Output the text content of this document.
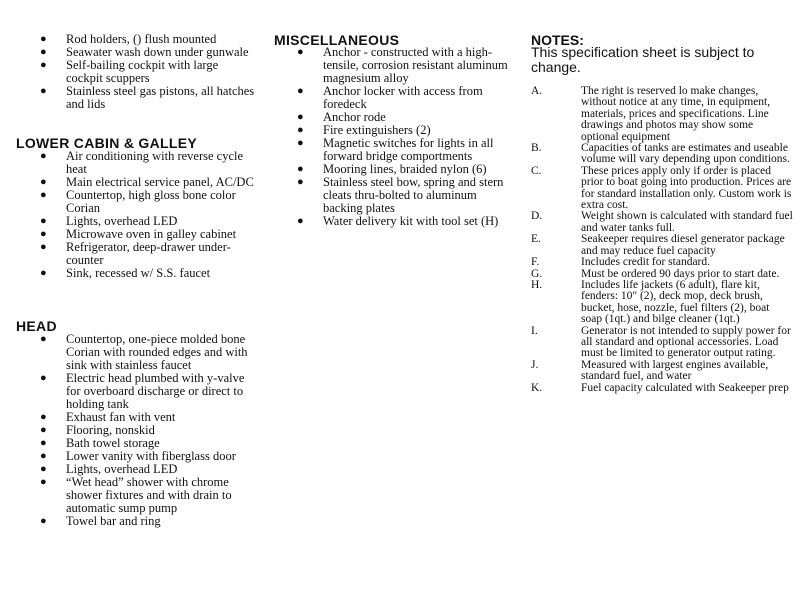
● Rod holders, () flush mounted
● Seawater wash down under gunwale
● Self-bailing cockpit with large cockpit scuppers
● Stainless steel gas pistons, all hatches and lids
LOWER CABIN & GALLEY
● Air conditioning with reverse cycle heat
● Main electrical service panel, AC/DC
● Countertop, high gloss bone color Corian
● Lights, overhead LED
● Microwave oven in galley cabinet
● Refrigerator, deep-drawer under-counter
● Sink, recessed w/ S.S. faucet
HEAD
● Countertop, one-piece molded bone Corian with rounded edges and with sink with stainless faucet
● Electric head plumbed with y-valve for overboard discharge or direct to holding tank
● Exhaust fan with vent
● Flooring, nonskid
● Bath towel storage
● Lower vanity with fiberglass door
● Lights, overhead LED
● “Wet head” shower with chrome shower fixtures and with drain to automatic sump pump
● Towel bar and ring
MISCELLANEOUS
● Anchor - constructed with a high-tensile, corrosion resistant aluminum magnesium alloy
● Anchor locker with access from foredeck
● Anchor rode
● Fire extinguishers (2)
● Magnetic switches for lights in all forward bridge comportments
● Mooring lines, braided nylon (6)
● Stainless steel bow, spring and stern cleats thru-bolted to aluminum backing plates
● Water delivery kit with tool set (H)
NOTES:
This specification sheet is subject to change.
A.	The right is reserved lo make changes, without notice at any time, in equipment, materials, prices and specifications. Line drawings and photos may show some optional equipment
B.	Capacities of tanks are estimates and useable volume will vary depending upon conditions.
C.	These prices apply only if order is placed prior to boat going into production. Prices are for standard installation only. Custom work is extra cost.
D.	Weight shown is calculated with standard fuel and water tanks full.
E.	Seakeeper requires diesel generator package and may reduce fuel capacity
F.	Includes credit for standard.
G.	Must be ordered 90 days prior to start date.
H.	Includes life jackets (6 adult), flare kit, fenders: 10" (2), deck mop, deck brush, bucket, hose, nozzle, fuel filters (2), boat soap (1qt.) and bilge cleaner (1qt.)
I.	Generator is not intended to supply power for all standard and optional accessories. Load must be limited to generator output rating.
J.	Measured with largest engines available, standard fuel, and water
K.	Fuel capacity calculated with Seakeeper prep
